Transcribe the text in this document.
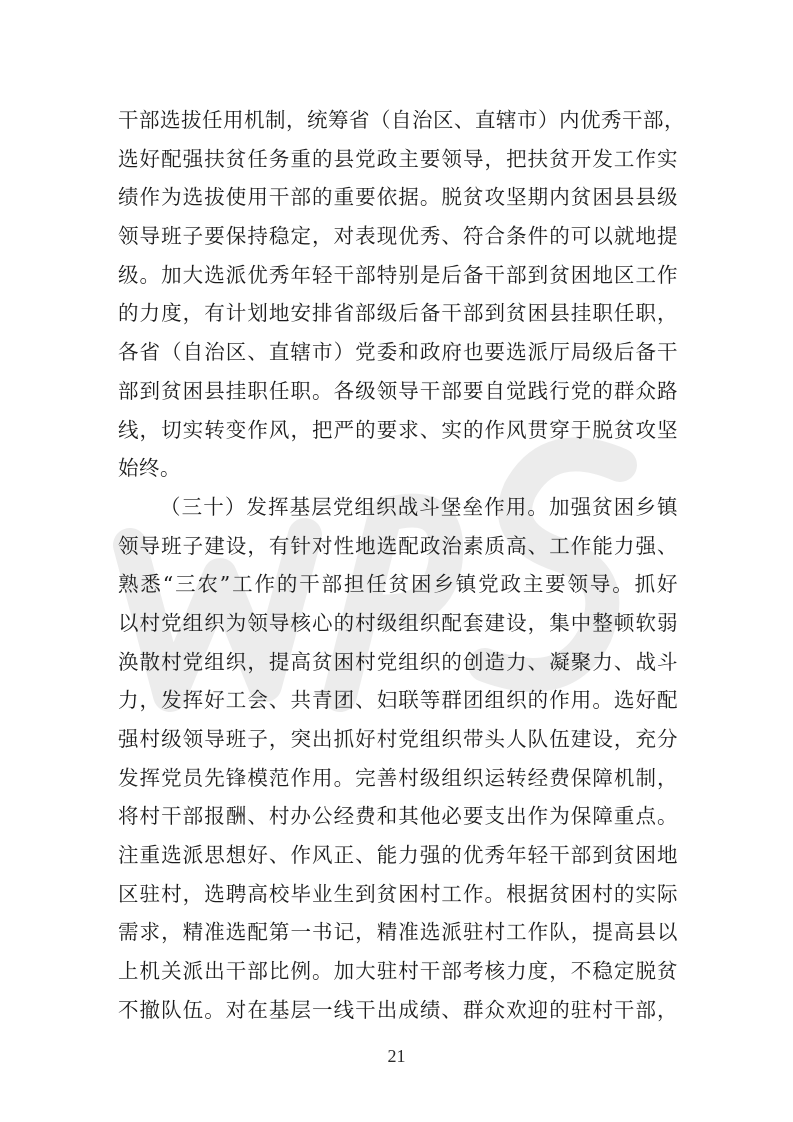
干部选拔任用机制，统筹省（自治区、直辖市）内优秀干部，
选好配强扶贫任务重的县党政主要领导，把扶贫开发工作实
绩作为选拔使用干部的重要依据。脱贫攻坚期内贫困县县级
领导班子要保持稳定，对表现优秀、符合条件的可以就地提
级。加大选派优秀年轻干部特别是后备干部到贫困地区工作
的力度，有计划地安排省部级后备干部到贫困县挂职任职，
各省（自治区、直辖市）党委和政府也要选派厅局级后备干
部到贫困县挂职任职。各级领导干部要自觉践行党的群众路
线，切实转变作风，把严的要求、实的作风贯穿于脱贫攻坚
始终。
（三十）发挥基层党组织战斗堡垒作用。加强贫困乡镇
领导班子建设，有针对性地选配政治素质高、工作能力强、
熟悉“三农”工作的干部担任贫困乡镇党政主要领导。抓好
以村党组织为领导核心的村级组织配套建设，集中整顿软弱
涣散村党组织，提高贫困村党组织的创造力、凝聚力、战斗
力，发挥好工会、共青团、妇联等群团组织的作用。选好配
强村级领导班子，突出抓好村党组织带头人队伍建设，充分
发挥党员先锋模范作用。完善村级组织运转经费保障机制，
将村干部报酬、村办公经费和其他必要支出作为保障重点。
注重选派思想好、作风正、能力强的优秀年轻干部到贫困地
区驻村，选聘高校毕业生到贫困村工作。根据贫困村的实际
需求，精准选配第一书记，精准选派驻村工作队，提高县以
上机关派出干部比例。加大驻村干部考核力度，不稳定脱贫
不撤队伍。对在基层一线干出成绩、群众欢迎的驻村干部，
21
